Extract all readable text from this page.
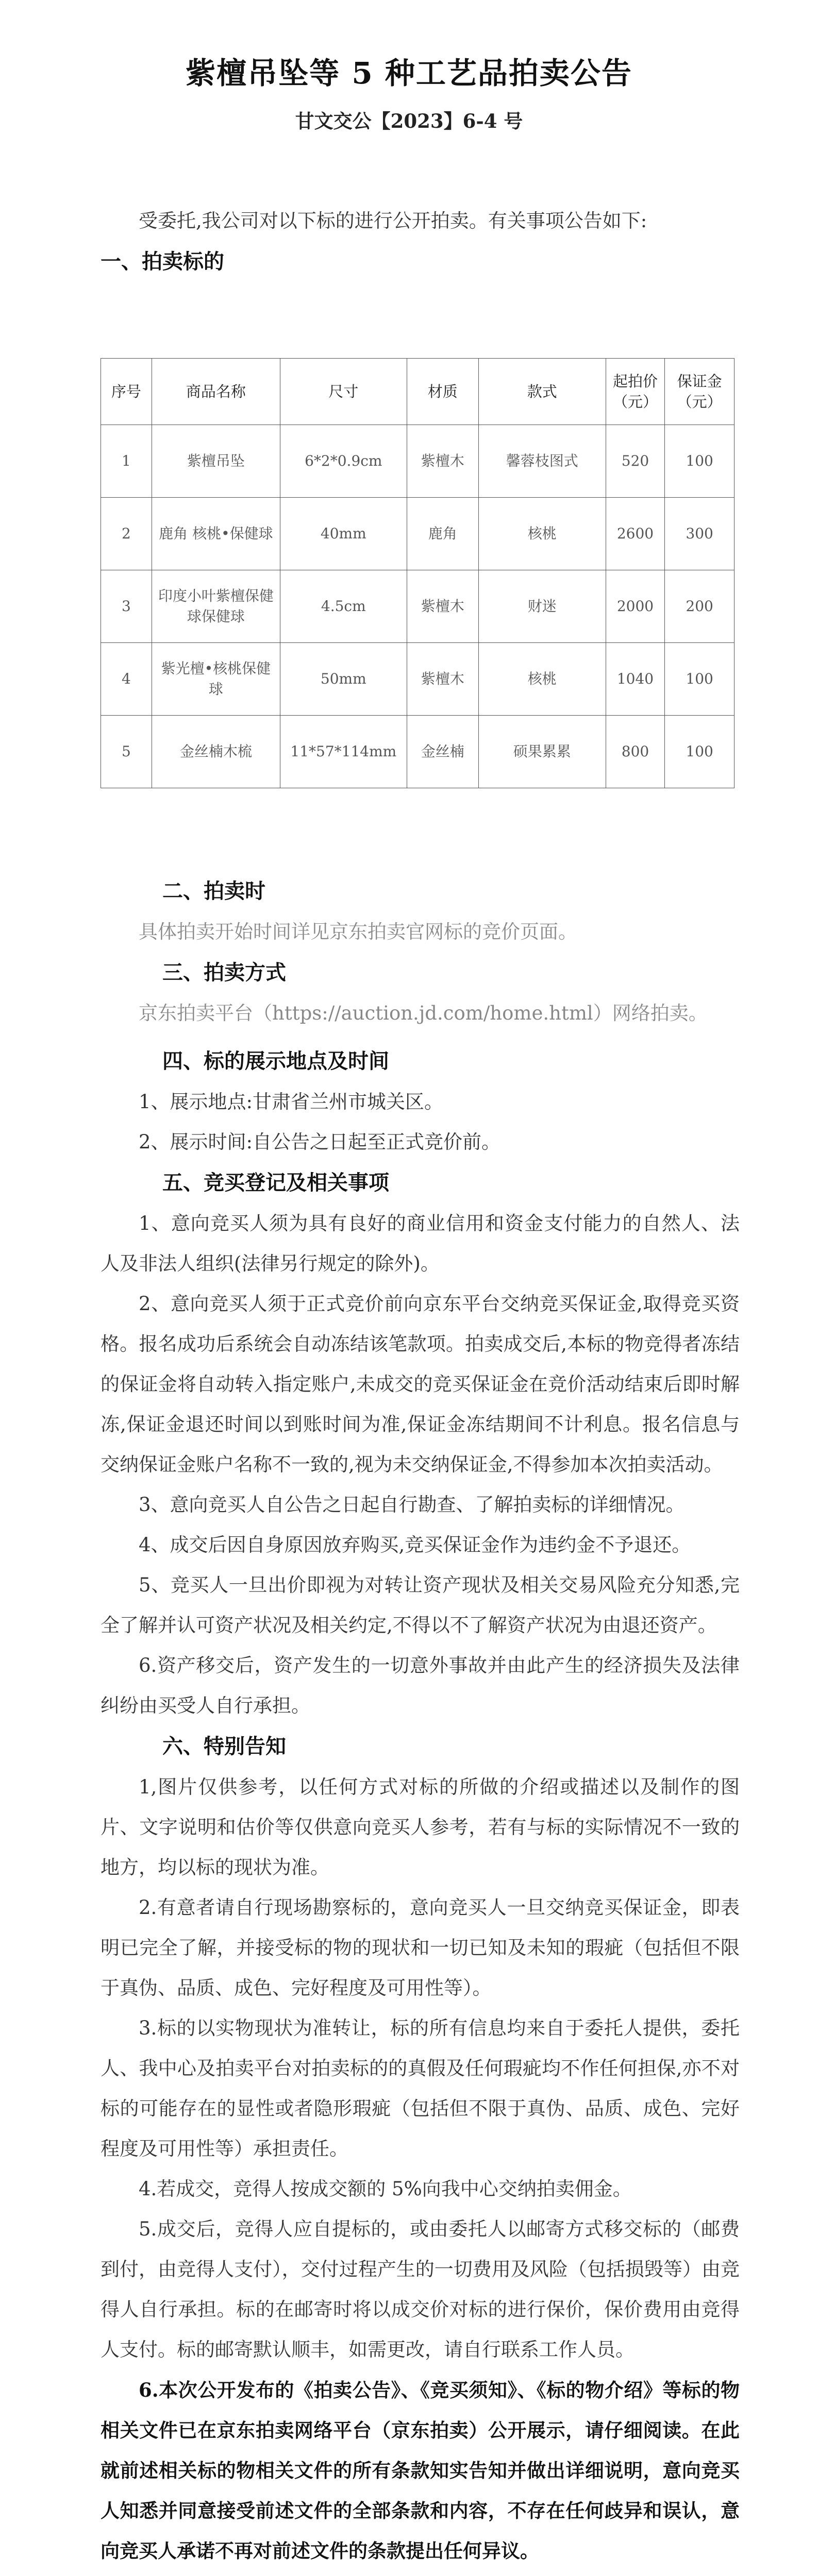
紫檀吊坠等 5 种工艺品拍卖公告
甘文交公【2023】6-4 号

受委托,我公司对以下标的进行公开拍卖。有关事项公告如下:

一、拍卖标的
序号	商品名称	尺寸	材质	款式	起拍价（元）	保证金（元）
1	紫檀吊坠	6*2*0.9cm	紫檀木	馨蓉枝图式	520	100
2	鹿角 核桃•保健球	40mm	鹿角	核桃	2600	300
3	印度小叶紫檀保健球保健球	4.5cm	紫檀木	财迷	2000	200
4	紫光檀•核桃保健球	50mm	紫檀木	核桃	1040	100
5	金丝楠木梳	11*57*114mm	金丝楠	硕果累累	800	100
二、拍卖时

具体拍卖开始时间详见京东拍卖官网标的竞价页面。

三、拍卖方式

京东拍卖平台（https://auction.jd.com/home.html）网络拍卖。

四、标的展示地点及时间

1、展示地点:甘肃省兰州市城关区。

2、展示时间:自公告之日起至正式竞价前。

五、竞买登记及相关事项

1、意向竞买人须为具有良好的商业信用和资金支付能力的自然人、法人及非法人组织(法律另行规定的除外)。

2、意向竞买人须于正式竞价前向京东平台交纳竞买保证金,取得竞买资格。报名成功后系统会自动冻结该笔款项。拍卖成交后,本标的物竞得者冻结的保证金将自动转入指定账户,未成交的竞买保证金在竞价活动结束后即时解冻,保证金退还时间以到账时间为准,保证金冻结期间不计利息。报名信息与交纳保证金账户名称不一致的,视为未交纳保证金,不得参加本次拍卖活动。

3、意向竞买人自公告之日起自行勘查、了解拍卖标的详细情况。

4、成交后因自身原因放弃购买,竞买保证金作为违约金不予退还。

5、竞买人一旦出价即视为对转让资产现状及相关交易风险充分知悉,完全了解并认可资产状况及相关约定,不得以不了解资产状况为由退还资产。

6.资产移交后，资产发生的一切意外事故并由此产生的经济损失及法律纠纷由买受人自行承担。

六、特别告知

1,图片仅供参考，以任何方式对标的所做的介绍或描述以及制作的图片、文字说明和估价等仅供意向竞买人参考，若有与标的实际情况不一致的地方，均以标的现状为准。

2.有意者请自行现场勘察标的，意向竞买人一旦交纳竞买保证金，即表明已完全了解，并接受标的物的现状和一切已知及未知的瑕疵（包括但不限于真伪、品质、成色、完好程度及可用性等）。

3.标的以实物现状为准转让，标的所有信息均来自于委托人提供，委托人、我中心及拍卖平台对拍卖标的的真假及任何瑕疵均不作任何担保,亦不对标的可能存在的显性或者隐形瑕疵（包括但不限于真伪、品质、成色、完好程度及可用性等）承担责任。

4.若成交，竞得人按成交额的 5%向我中心交纳拍卖佣金。

5.成交后，竞得人应自提标的，或由委托人以邮寄方式移交标的（邮费到付，由竞得人支付），交付过程产生的一切费用及风险（包括损毁等）由竞得人自行承担。标的在邮寄时将以成交价对标的进行保价，保价费用由竞得人支付。标的邮寄默认顺丰，如需更改，请自行联系工作人员。

6.本次公开发布的《拍卖公告》、《竞买须知》、《标的物介绍》等标的物相关文件已在京东拍卖网络平台（京东拍卖）公开展示，请仔细阅读。在此就前述相关标的物相关文件的所有条款知实告知并做出详细说明，意向竞买人知悉并同意接受前述文件的全部条款和内容，不存在任何歧异和误认，意向竞买人承诺不再对前述文件的条款提出任何异议。
